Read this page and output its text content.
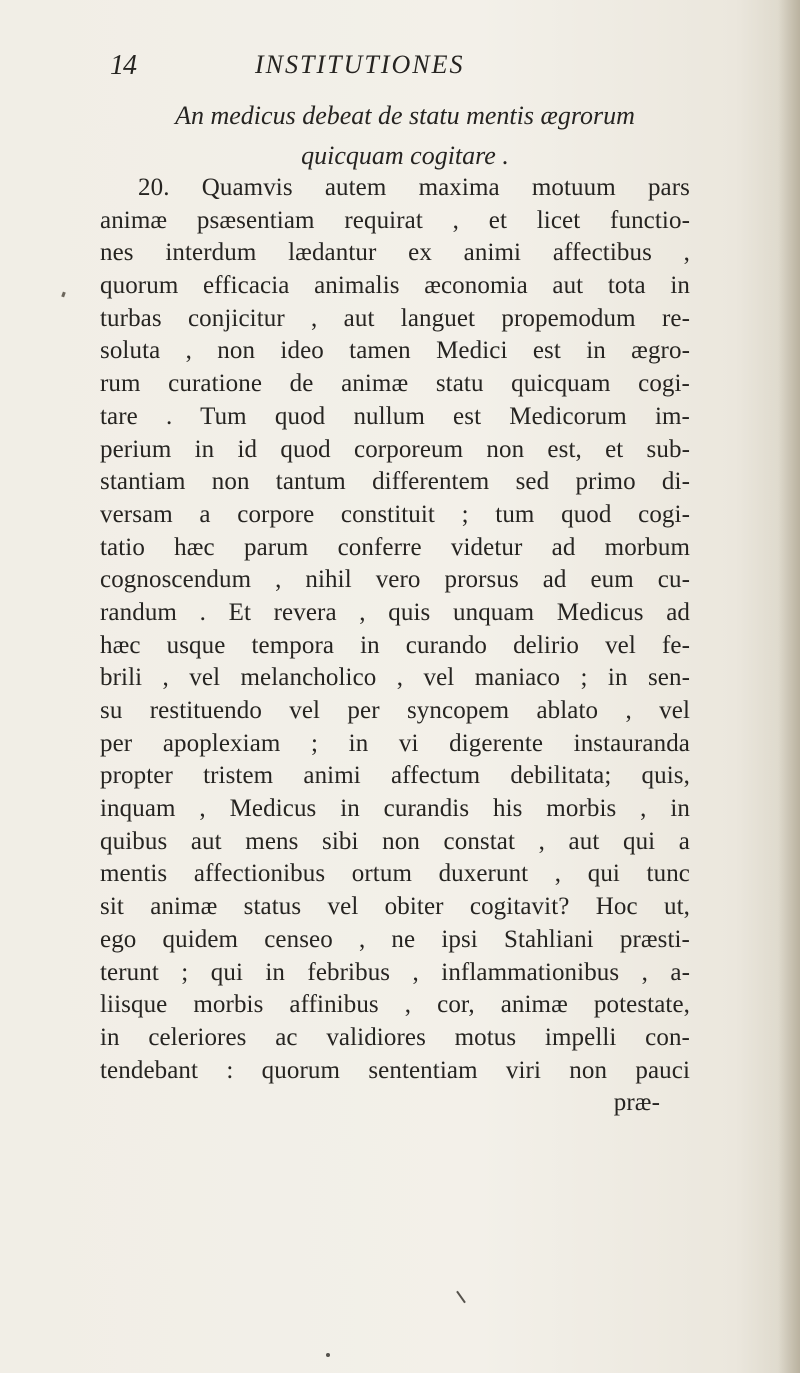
14	INSTITUTIONES
An medicus debeat de statu mentis ægrorum
quicquam cogitare .
20. Quamvis autem maxima motuum pars
animæ psæsentiam requirat , et licet functio-
nes interdum lædantur ex animi affectibus ,
quorum efficacia animalis æconomia aut tota in
turbas conjicitur , aut languet propemodum re-
soluta , non ideo tamen Medici est in ægro-
rum curatione de animæ statu quicquam cogi-
tare . Tum quod nullum est Medicorum im-
perium in id quod corporeum non est, et sub-
stantiam non tantum differentem sed primo di-
versam a corpore constituit ; tum quod cogi-
tatio hæc parum conferre videtur ad morbum
cognoscendum , nihil vero prorsus ad eum cu-
randum . Et revera , quis unquam Medicus ad
hæc usque tempora in curando delirio vel fe-
brili , vel melancholico , vel maniaco ; in sen-
su restituendo vel per syncopem ablato , vel
per apoplexiam ; in vi digerente instauranda
propter tristem animi affectum debilitata; quis,
inquam , Medicus in curandis his morbis , in
quibus aut mens sibi non constat , aut qui a
mentis affectionibus ortum duxerunt , qui tunc
sit animæ status vel obiter cogitavit? Hoc ut,
ego quidem censeo , ne ipsi Stahliani præsti-
terunt ; qui in febribus , inflammationibus , a-
liisque morbis affinibus , cor, animæ potestate,
in celeriores ac validiores motus impelli con-
tendebant : quorum sententiam viri non pauci
præ-
